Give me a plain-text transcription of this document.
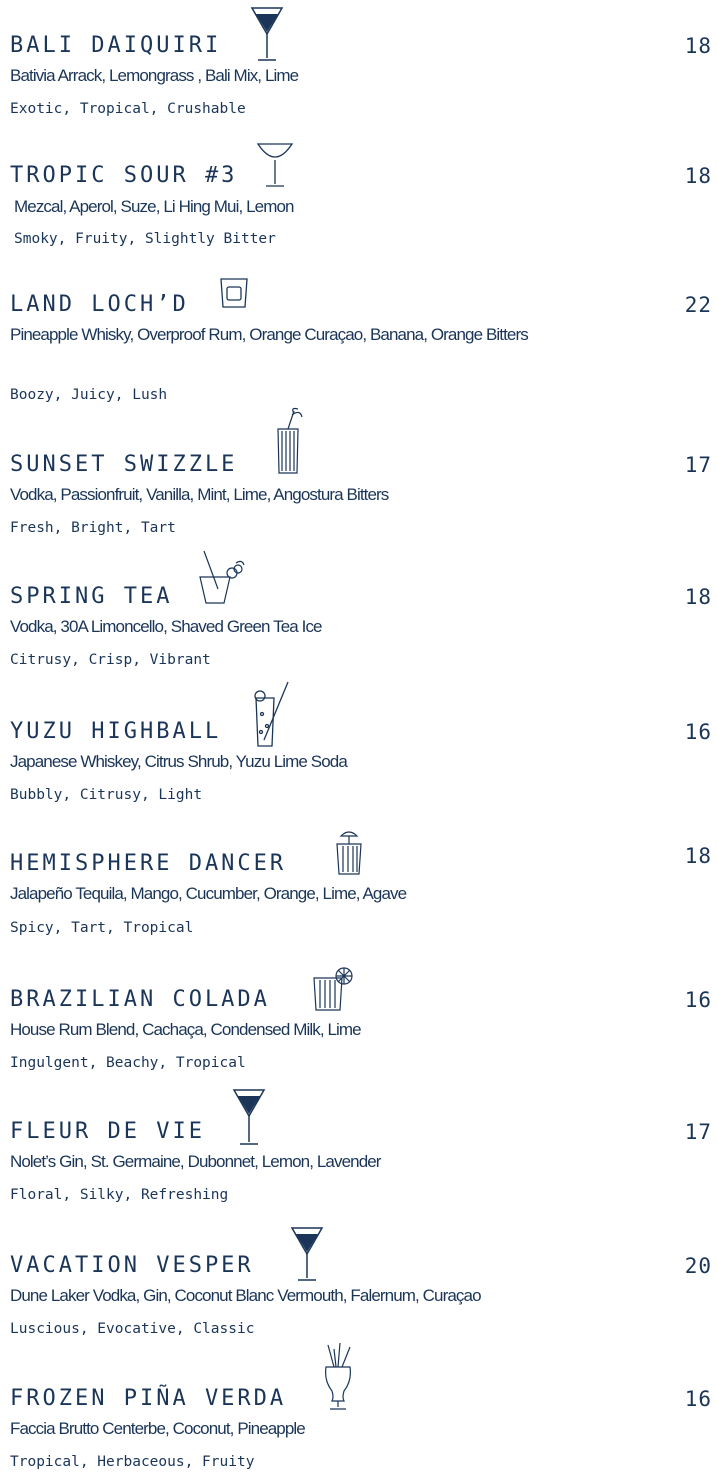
BALI DAIQUIRI	18
Bativia Arrack, Lemongrass , Bali Mix, Lime
Exotic, Tropical, Crushable
TROPIC SOUR #3	18
Mezcal, Aperol, Suze, Li Hing Mui, Lemon
Smoky, Fruity, Slightly Bitter
LAND LOCH’D	22
Pineapple Whisky, Overproof Rum, Orange Curaçao, Banana, Orange Bitters
Boozy, Juicy, Lush
SUNSET SWIZZLE	17
Vodka, Passionfruit, Vanilla, Mint, Lime, Angostura Bitters
Fresh, Bright, Tart
SPRING TEA	18
Vodka, 30A Limoncello, Shaved Green Tea Ice
Citrusy, Crisp, Vibrant
YUZU HIGHBALL	16
Japanese Whiskey, Citrus Shrub, Yuzu Lime Soda
Bubbly, Citrusy, Light
HEMISPHERE DANCER	18
Jalapeño Tequila, Mango, Cucumber, Orange, Lime, Agave
Spicy, Tart, Tropical
BRAZILIAN COLADA	16
House Rum Blend, Cachaça, Condensed Milk, Lime
Ingulgent, Beachy, Tropical
FLEUR DE VIE	17
Nolet’s Gin, St. Germaine, Dubonnet, Lemon, Lavender
Floral, Silky, Refreshing
VACATION VESPER	20
Dune Laker Vodka, Gin, Coconut Blanc Vermouth, Falernum, Curaçao
Luscious, Evocative, Classic
FROZEN PIÑA VERDA	16
Faccia Brutto Centerbe, Coconut, Pineapple
Tropical, Herbaceous, Fruity
